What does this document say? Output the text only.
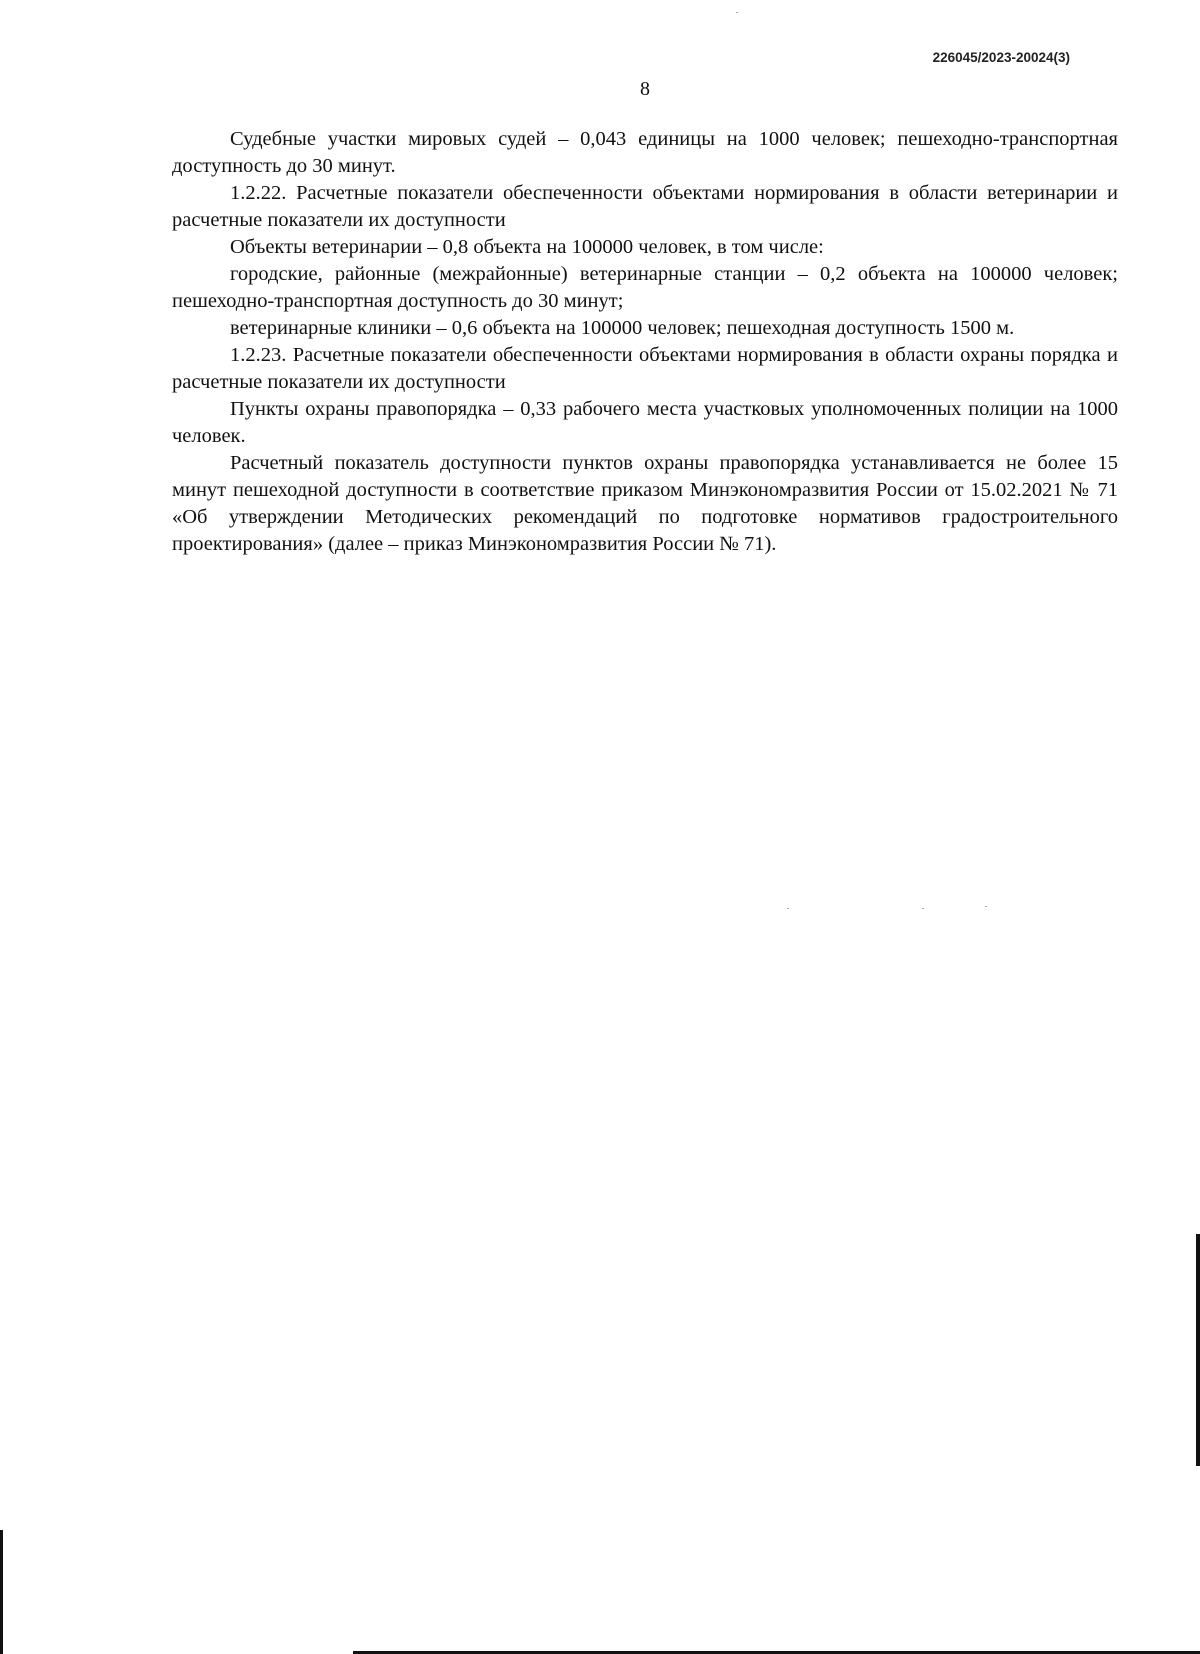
226045/2023-20024(3)
8

Судебные участки мировых судей – 0,043 единицы на 1000 человек; пешеходно-транспортная доступность до 30 минут.

1.2.22. Расчетные показатели обеспеченности объектами нормирования в области ветеринарии и расчетные показатели их доступности

Объекты ветеринарии – 0,8 объекта на 100000 человек, в том числе:

городские, районные (межрайонные) ветеринарные станции – 0,2 объекта на 100000 человек; пешеходно-транспортная доступность до 30 минут;

ветеринарные клиники – 0,6 объекта на 100000 человек; пешеходная доступность 1500 м.

1.2.23. Расчетные показатели обеспеченности объектами нормирования в области охраны порядка и расчетные показатели их доступности

Пункты охраны правопорядка – 0,33 рабочего места участковых уполномоченных полиции на 1000 человек.

Расчетный показатель доступности пунктов охраны правопорядка устанавливается не более 15 минут пешеходной доступности в соответствие приказом Минэкономразвития России от 15.02.2021 № 71 «Об утверждении Методических рекомендаций по подготовке нормативов градостроительного проектирования» (далее – приказ Минэкономразвития России № 71).
